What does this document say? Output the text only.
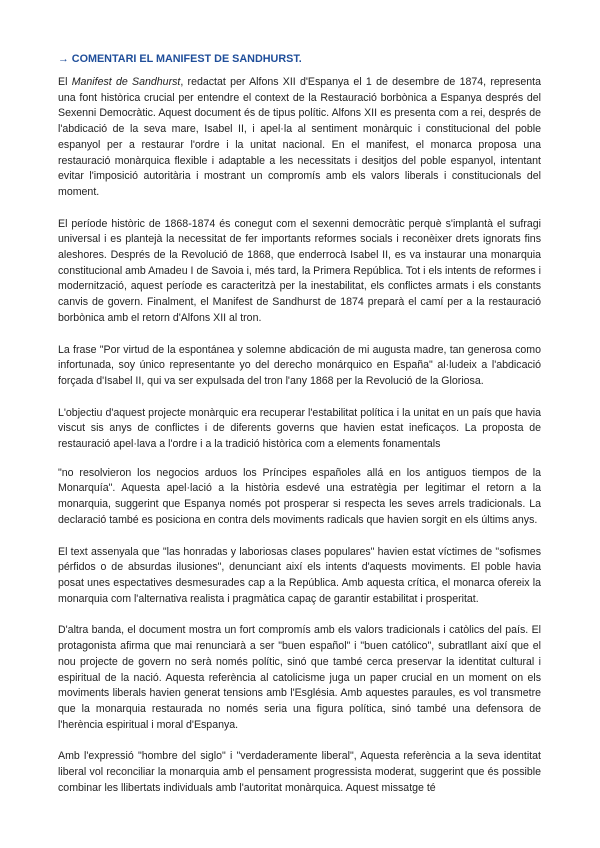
→ COMENTARI EL MANIFEST DE SANDHURST.

El Manifest de Sandhurst, redactat per Alfons XII d'Espanya el 1 de desembre de 1874, representa una font històrica crucial per entendre el context de la Restauració borbònica a Espanya després del Sexenni Democràtic. Aquest document és de tipus polític. Alfons XII es presenta com a rei, després de l'abdicació de la seva mare, Isabel II, i apel·la al sentiment monàrquic i constitucional del poble espanyol per a restaurar l'ordre i la unitat nacional. En el manifest, el monarca proposa una restauració monàrquica flexible i adaptable a les necessitats i desitjos del poble espanyol, intentant evitar l'imposició autoritària i mostrant un compromís amb els valors liberals i constitucionals del moment.

El període històric de 1868-1874 és conegut com el sexenni democràtic perquè s'implantà el sufragi universal i es plantejà la necessitat de fer importants reformes socials i reconèixer drets ignorats fins aleshores. Després de la Revolució de 1868, que enderrocà Isabel II, es va instaurar una monarquia constitucional amb Amadeu I de Savoia i, més tard, la Primera República. Tot i els intents de reformes i modernització, aquest període es caracteritzà per la inestabilitat, els conflictes armats i els constants canvis de govern. Finalment, el Manifest de Sandhurst de 1874 preparà el camí per a la restauració borbònica amb el retorn d'Alfons XII al tron.

La frase "Por virtud de la espontánea y solemne abdicación de mi augusta madre, tan generosa como infortunada, soy único representante yo del derecho monárquico en España" al·ludeix a l'abdicació forçada d'Isabel II, qui va ser expulsada del tron l'any 1868 per la Revolució de la Gloriosa.

L'objectiu d'aquest projecte monàrquic era recuperar l'estabilitat política i la unitat en un país que havia viscut sis anys de conflictes i de diferents governs que havien estat ineficaços. La proposta de restauració apel·lava a l'ordre i a la tradició històrica com a elements fonamentals

"no resolvieron los negocios arduos los Príncipes españoles allá en los antiguos tiempos de la Monarquía". Aquesta apel·lació a la història esdevé una estratègia per legitimar el retorn a la monarquia, suggerint que Espanya només pot prosperar si respecta les seves arrels tradicionals. La declaració també es posiciona en contra dels moviments radicals que havien sorgit en els últims anys.

El text assenyala que "las honradas y laboriosas clases populares" havien estat víctimes de "sofismes pérfidos o de absurdas ilusiones", denunciant així els intents d'aquests moviments. El poble havia posat unes espectatives desmesurades cap a la República. Amb aquesta crítica, el monarca ofereix la monarquia com l'alternativa realista i pragmàtica capaç de garantir estabilitat i prosperitat.

D'altra banda, el document mostra un fort compromís amb els valors tradicionals i catòlics del país. El protagonista afirma que mai renunciarà a ser "buen español" i "buen católico", subratllant així que el nou projecte de govern no serà només polític, sinó que també cerca preservar la identitat cultural i espiritual de la nació. Aquesta referència al catolicisme juga un paper crucial en un moment on els moviments liberals havien generat tensions amb l'Església. Amb aquestes paraules, es vol transmetre que la monarquia restaurada no només seria una figura política, sinó també una defensora de l'herència espiritual i moral d'Espanya.

Amb l'expressió "hombre del siglo" i "verdaderamente liberal", Aquesta referència a la seva identitat liberal vol reconciliar la monarquia amb el pensament progressista moderat, suggerint que és possible combinar les llibertats individuals amb l'autoritat monàrquica. Aquest missatge té
